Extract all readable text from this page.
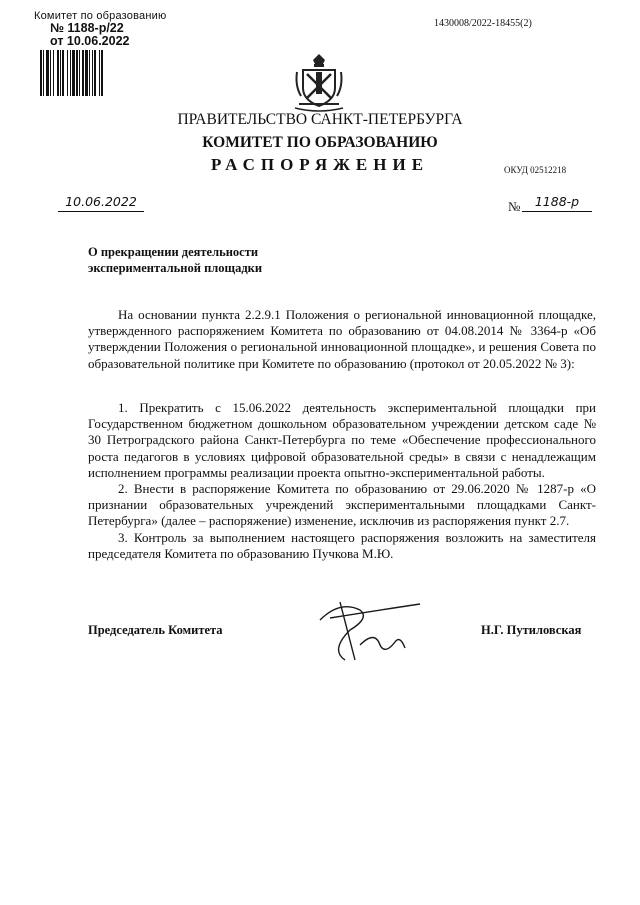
Комитет по образованию
№ 1188-р/22
от 10.06.2022
1430008/2022-18455(2)
ПРАВИТЕЛЬСТВО САНКТ-ПЕТЕРБУРГА
КОМИТЕТ ПО ОБРАЗОВАНИЮ
РАСПОРЯЖЕНИЕ	ОКУД 02512218
10.06.2022	№	1188-р
О прекращении деятельности
экспериментальной площадки

На основании пункта 2.2.9.1 Положения о региональной инновационной площадке, утвержденного распоряжением Комитета по образованию от 04.08.2014 № 3364-р «Об утверждении Положения о региональной инновационной площадке», и решения Совета по образовательной политике при Комитете по образованию (протокол от 20.05.2022 № 3):

1. Прекратить с 15.06.2022 деятельность экспериментальной площадки при Государственном бюджетном дошкольном образовательном учреждении детском саде № 30 Петроградского района Санкт-Петербурга по теме «Обеспечение профессионального роста педагогов в условиях цифровой образовательной среды» в связи с ненадлежащим исполнением программы реализации проекта опытно-экспериментальной работы.

2. Внести в распоряжение Комитета по образованию от 29.06.2020 № 1287-р «О признании образовательных учреждений экспериментальными площадками Санкт-Петербурга» (далее – распоряжение) изменение, исключив из распоряжения пункт 2.7.

3. Контроль за выполнением настоящего распоряжения возложить на заместителя председателя Комитета по образованию Пучкова М.Ю.

Председатель Комитета	Н.Г. Путиловская
